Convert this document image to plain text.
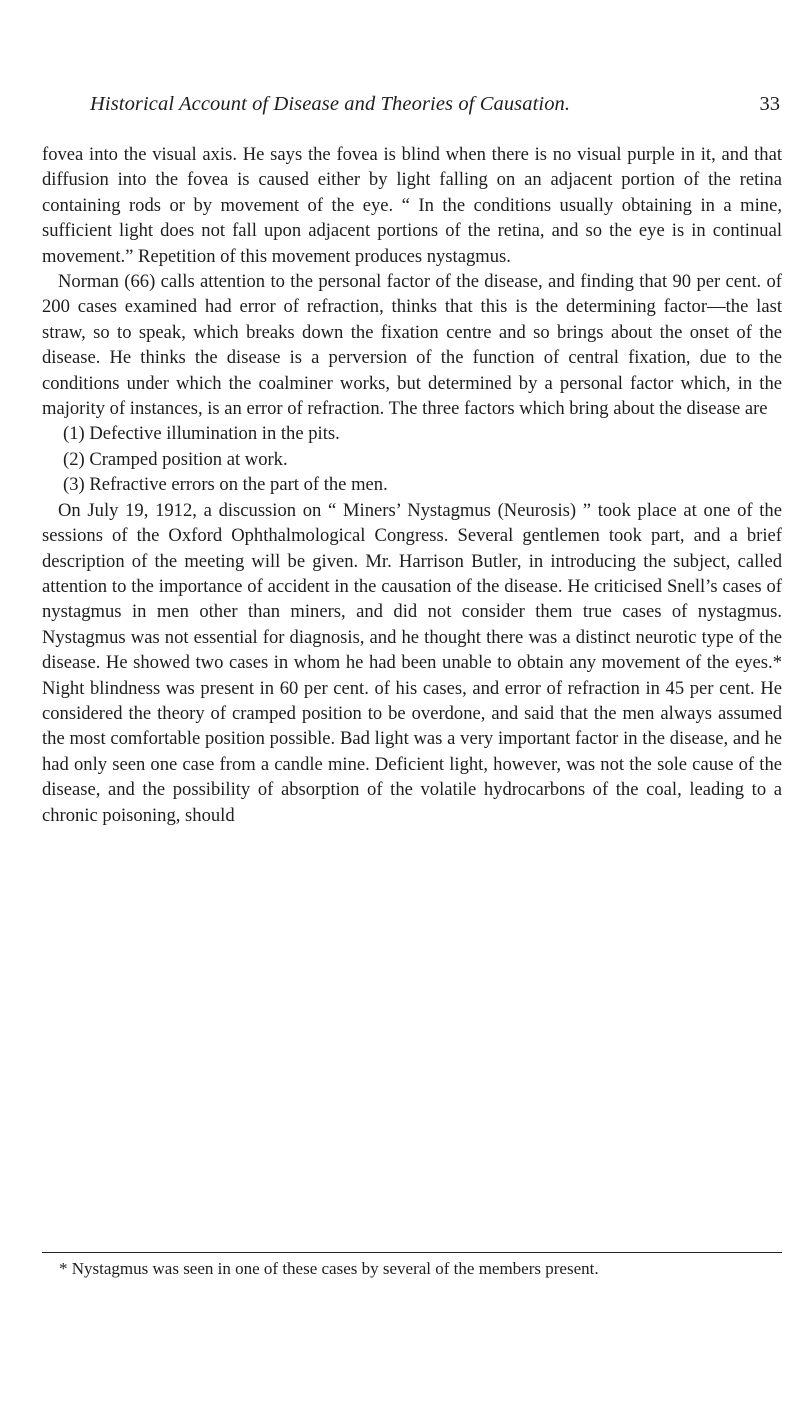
Historical Account of Disease and Theories of Causation.	33

fovea into the visual axis. He says the fovea is blind when there is no visual purple in it, and that diffusion into the fovea is caused either by light falling on an adjacent portion of the retina containing rods or by movement of the eye. “ In the conditions usually obtaining in a mine, sufficient light does not fall upon adjacent portions of the retina, and so the eye is in continual movement.” Repetition of this movement produces nystagmus.

Norman (66) calls attention to the personal factor of the disease, and finding that 90 per cent. of 200 cases examined had error of refraction, thinks that this is the determining factor—the last straw, so to speak, which breaks down the fixation centre and so brings about the onset of the disease. He thinks the disease is a perversion of the function of central fixation, due to the conditions under which the coalminer works, but determined by a personal factor which, in the majority of instances, is an error of refraction. The three factors which bring about the disease are

(1) Defective illumination in the pits.

(2) Cramped position at work.

(3) Refractive errors on the part of the men.

On July 19, 1912, a discussion on “ Miners’ Nystagmus (Neurosis) ” took place at one of the sessions of the Oxford Ophthalmological Congress. Several gentlemen took part, and a brief description of the meeting will be given. Mr. Harrison Butler, in introducing the subject, called attention to the importance of accident in the causation of the disease. He criticised Snell’s cases of nystagmus in men other than miners, and did not consider them true cases of nystagmus. Nystagmus was not essential for diagnosis, and he thought there was a distinct neurotic type of the disease. He showed two cases in whom he had been unable to obtain any movement of the eyes.* Night blindness was present in 60 per cent. of his cases, and error of refraction in 45 per cent. He considered the theory of cramped position to be overdone, and said that the men always assumed the most comfortable position possible. Bad light was a very important factor in the disease, and he had only seen one case from a candle mine. Deficient light, however, was not the sole cause of the disease, and the possibility of absorption of the volatile hydrocarbons of the coal, leading to a chronic poisoning, should

* Nystagmus was seen in one of these cases by several of the members present.
